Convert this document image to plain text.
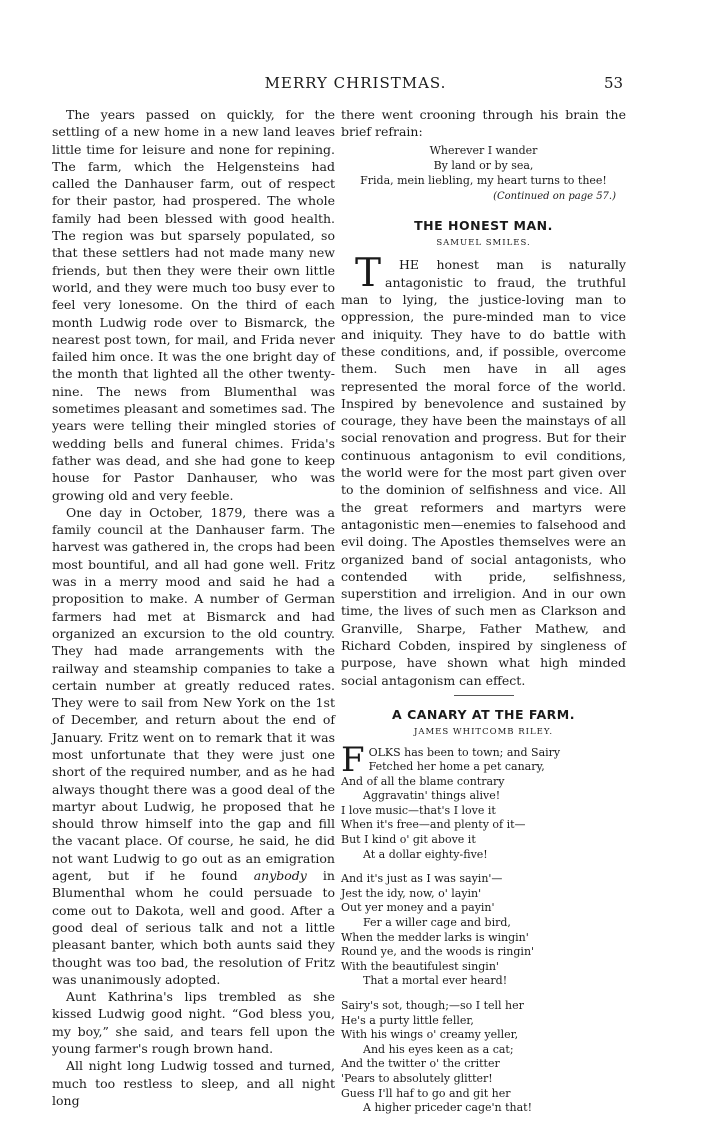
MERRY CHRISTMAS.	53

The years passed on quickly, for the settling of a new home in a new land leaves little time for leisure and none for repining. The farm, which the Helgensteins had called the Danhauser farm, out of respect for their pastor, had prospered. The whole family had been blessed with good health. The region was but sparsely populated, so that these settlers had not made many new friends, but then they were their own little world, and they were much too busy ever to feel very lonesome. On the third of each month Ludwig rode over to Bismarck, the nearest post town, for mail, and Frida never failed him once. It was the one bright day of the month that lighted all the other twenty-nine. The news from Blumenthal was sometimes pleasant and sometimes sad. The years were telling their mingled stories of wedding bells and funeral chimes. Frida's father was dead, and she had gone to keep house for Pastor Danhauser, who was growing old and very feeble.

One day in October, 1879, there was a family council at the Danhauser farm. The harvest was gathered in, the crops had been most bountiful, and all had gone well. Fritz was in a merry mood and said he had a proposition to make. A number of German farmers had met at Bismarck and had organized an excursion to the old country. They had made arrangements with the railway and steamship companies to take a certain number at greatly reduced rates. They were to sail from New York on the 1st of December, and return about the end of January. Fritz went on to remark that it was most unfortunate that they were just one short of the required number, and as he had always thought there was a good deal of the martyr about Ludwig, he proposed that he should throw himself into the gap and fill the vacant place. Of course, he said, he did not want Ludwig to go out as an emigration agent, but if he found anybody in Blumenthal whom he could persuade to come out to Dakota, well and good. After a good deal of serious talk and not a little pleasant banter, which both aunts said they thought was too bad, the resolution of Fritz was unanimously adopted.

Aunt Kathrina's lips trembled as she kissed Ludwig good night. “God bless you, my boy,” she said, and tears fell upon the young farmer's rough brown hand.

All night long Ludwig tossed and turned, much too restless to sleep, and all night long

there went crooning through his brain the brief refrain:

Wherever I wander
By land or by sea,
Frida, mein liebling, my heart turns to thee!
(Continued on page 57.)
THE HONEST MAN.
SAMUEL SMILES.

T HE honest man is naturally antagonistic to fraud, the truthful man to lying, the justice-loving man to oppression, the pure-minded man to vice and iniquity. They have to do battle with these conditions, and, if possible, overcome them. Such men have in all ages represented the moral force of the world. Inspired by benevolence and sustained by courage, they have been the mainstays of all social renovation and progress. But for their continuous antagonism to evil conditions, the world were for the most part given over to the dominion of selfishness and vice. All the great reformers and martyrs were antagonistic men—enemies to falsehood and evil doing. The Apostles themselves were an organized band of social antagonists, who contended with pride, selfishness, superstition and irreligion. And in our own time, the lives of such men as Clarkson and Granville, Sharpe, Father Mathew, and Richard Cobden, inspired by singleness of purpose, have shown what high minded social antagonism can effect.

A CANARY AT THE FARM.
JAMES WHITCOMB RILEY.
FOLKS has been to town; and Sairy
Fetched her home a pet canary,
And of all the blame contrary
Aggravatin' things alive!
I love music—that's I love it
When it's free—and plenty of it—
But I kind o' git above it
At a dollar eighty-five!
And it's just as I was sayin'—
Jest the idy, now, o' layin'
Out yer money and a payin'
Fer a willer cage and bird,
When the medder larks is wingin'
Round ye, and the woods is ringin'
With the beautifulest singin'
That a mortal ever heard!
Sairy's sot, though;—so I tell her
He's a purty little feller,
With his wings o' creamy yeller,
And his eyes keen as a cat;
And the twitter o' the critter
'Pears to absolutely glitter!
Guess I'll haf to go and git her
A higher priceder cage'n that!
